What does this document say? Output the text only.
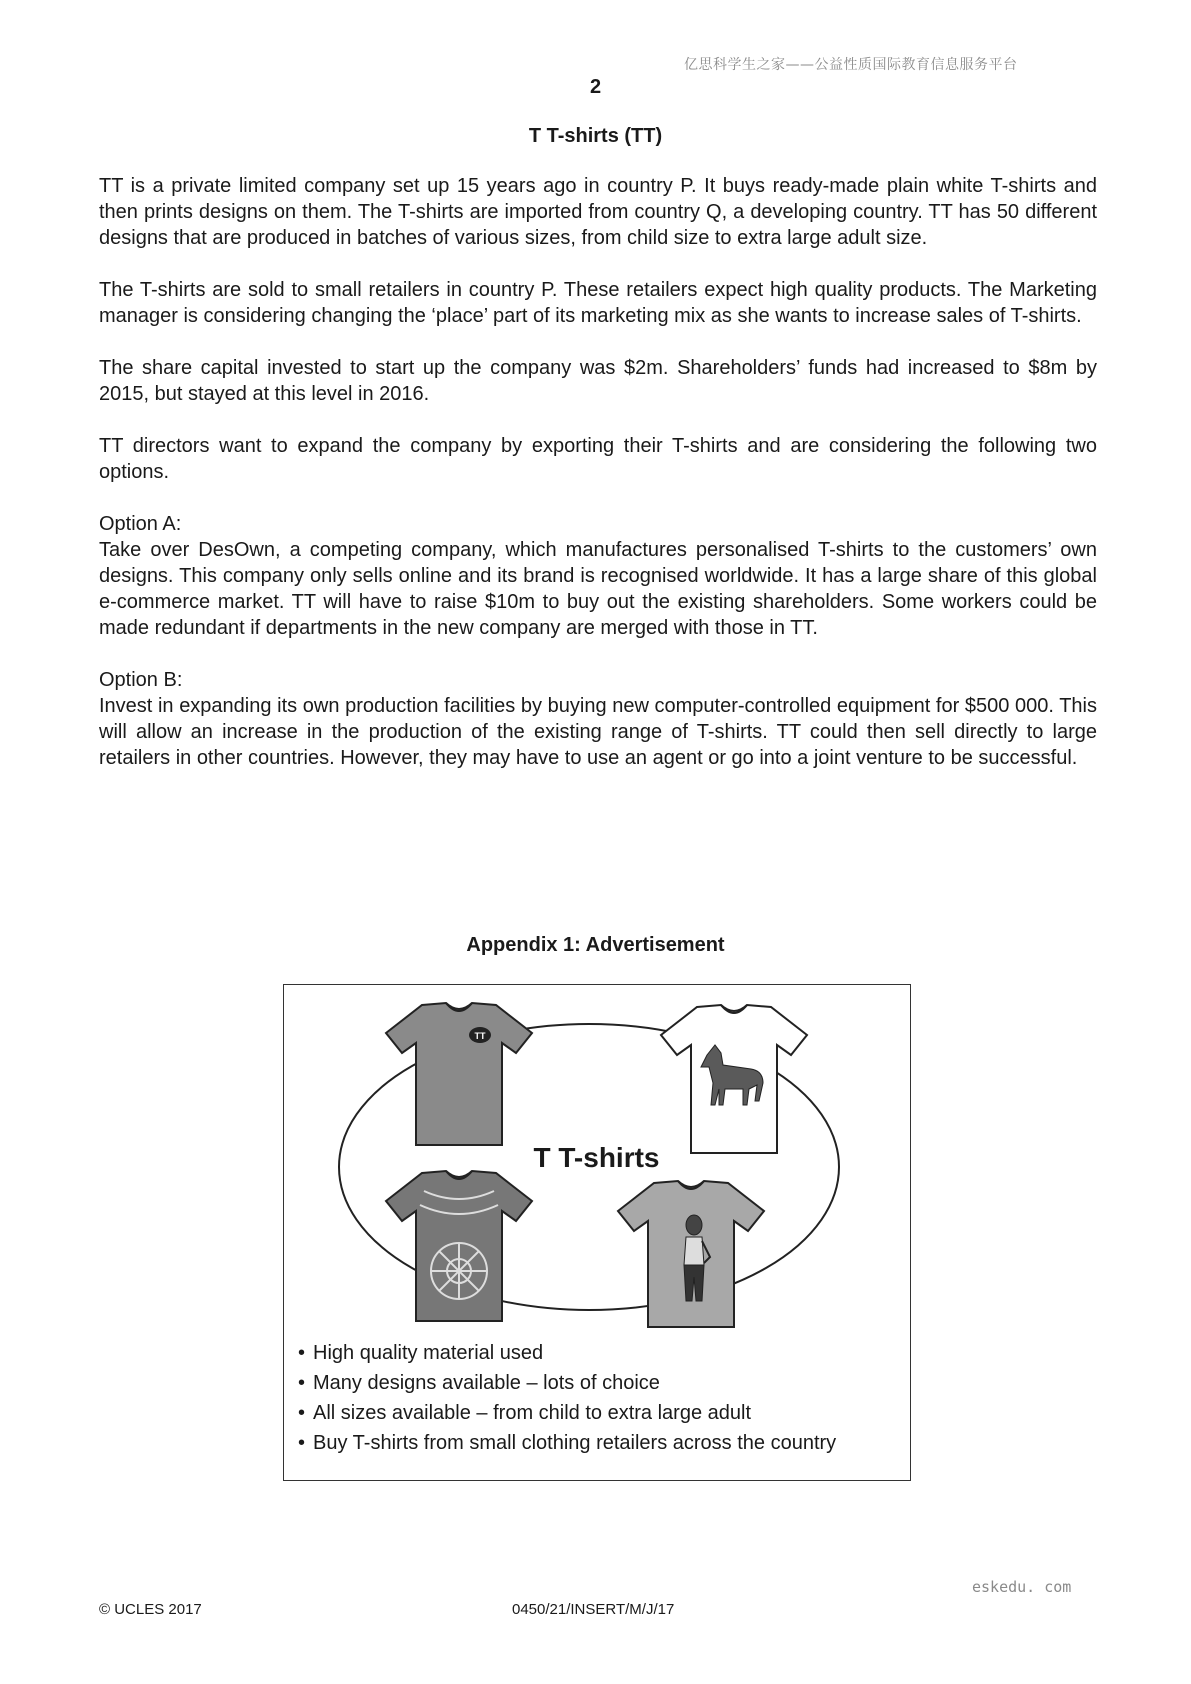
亿思科学生之家——公益性质国际教育信息服务平台
2
T T-shirts (TT)

TT is a private limited company set up 15 years ago in country P. It buys ready-made plain white T-shirts and then prints designs on them. The T-shirts are imported from country Q, a developing country. TT has 50 different designs that are produced in batches of various sizes, from child size to extra large adult size.

The T-shirts are sold to small retailers in country P. These retailers expect high quality products. The Marketing manager is considering changing the ‘place’ part of its marketing mix as she wants to increase sales of T-shirts.

The share capital invested to start up the company was $2m. Shareholders’ funds had increased to $8m by 2015, but stayed at this level in 2016.

TT directors want to expand the company by exporting their T-shirts and are considering the following two options.

Option A:

Take over DesOwn, a competing company, which manufactures personalised T-shirts to the customers’ own designs. This company only sells online and its brand is recognised worldwide. It has a large share of this global e-commerce market. TT will have to raise $10m to buy out the existing shareholders. Some workers could be made redundant if departments in the new company are merged with those in TT.

Option B:

Invest in expanding its own production facilities by buying new computer-controlled equipment for $500 000. This will allow an increase in the production of the existing range of T-shirts. TT could then sell directly to large retailers in other countries. However, they may have to use an agent or go into a joint venture to be successful.

Appendix 1: Advertisement
TT
T T-shirts
• High quality material used
• Many designs available – lots of choice
• All sizes available – from child to extra large adult
• Buy T-shirts from small clothing retailers across the country
eskedu. com
© UCLES 2017	0450/21/INSERT/M/J/17
